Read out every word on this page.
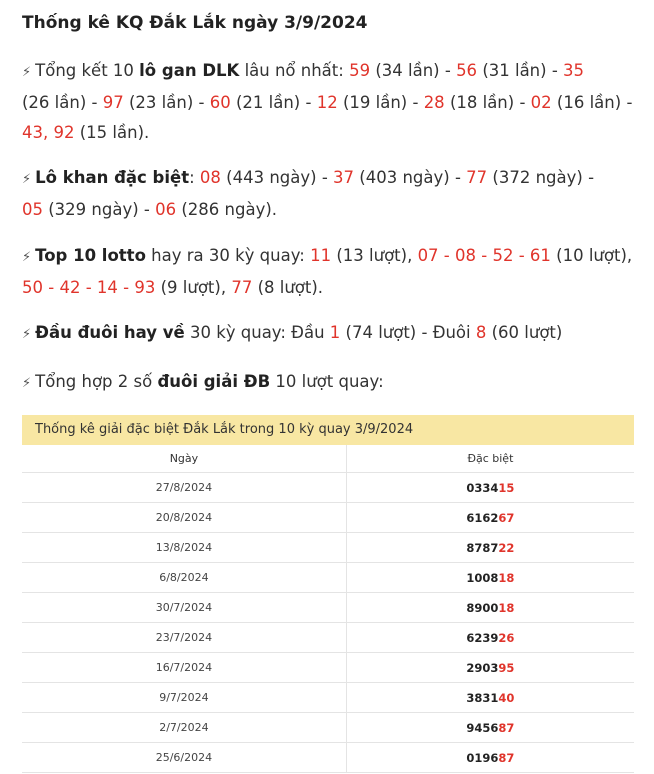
Thống kê KQ Đắk Lắk ngày 3/9/2024

⚡ Tổng kết 10 lô gan DLK lâu nổ nhất: 59 (34 lần) - 56 (31 lần) - 35
(26 lần) - 97 (23 lần) - 60 (21 lần) - 12 (19 lần) - 28 (18 lần) - 02 (16 lần) - 43, 92 (15 lần).

⚡ Lô khan đặc biệt: 08 (443 ngày) - 37 (403 ngày) - 77 (372 ngày) -
05 (329 ngày) - 06 (286 ngày).

⚡ Top 10 lotto hay ra 30 kỳ quay: 11 (13 lượt), 07 - 08 - 52 - 61 (10 lượt), 50 - 42 - 14 - 93 (9 lượt), 77 (8 lượt).

⚡ Đầu đuôi hay về 30 kỳ quay: Đầu 1 (74 lượt) - Đuôi 8 (60 lượt)

⚡ Tổng hợp 2 số đuôi giải ĐB 10 lượt quay:

Thống kê giải đặc biệt Đắk Lắk trong 10 kỳ quay 3/9/2024
Ngày	Đặc biệt
27/8/2024	033415
20/8/2024	616267
13/8/2024	878722
6/8/2024	100818
30/7/2024	890018
23/7/2024	623926
16/7/2024	290395
9/7/2024	383140
2/7/2024	945687
25/6/2024	019687
